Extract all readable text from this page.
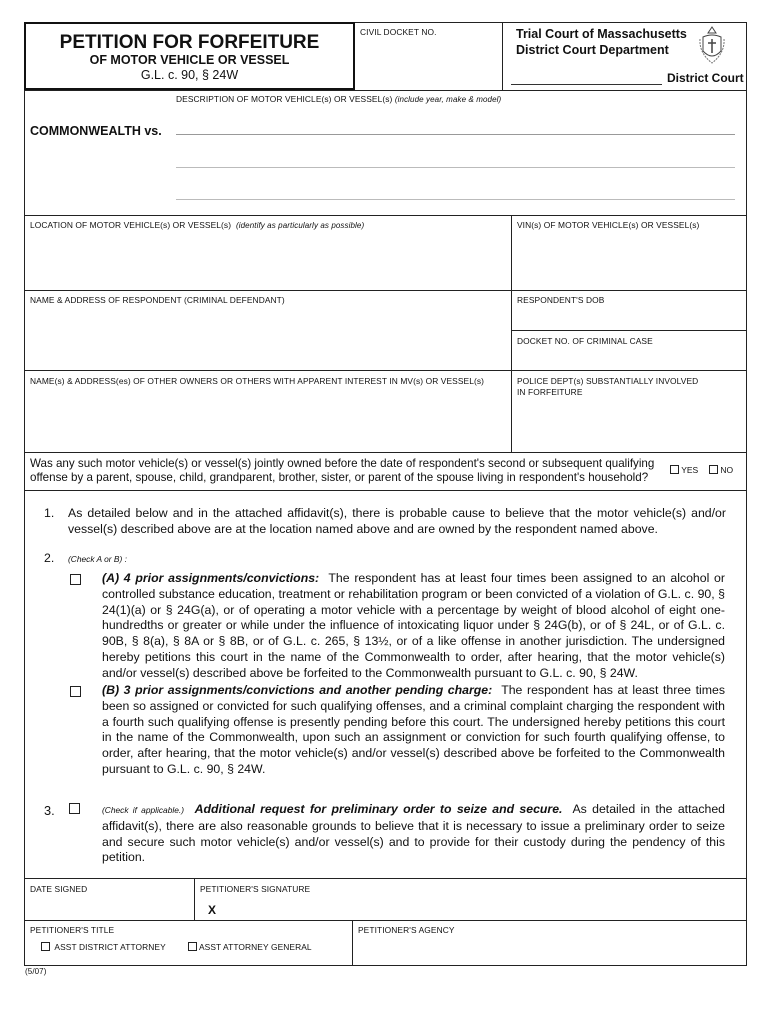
PETITION FOR FORFEITURE
OF MOTOR VEHICLE OR VESSEL
G.L. c. 90, § 24W
CIVIL DOCKET NO.	Trial Court of Massachusetts
District Court Department
District Court
DESCRIPTION OF MOTOR VEHICLE(s) OR VESSEL(s) (include year, make & model)
COMMONWEALTH vs.
LOCATION OF MOTOR VEHICLE(s) OR VESSEL(s) (identify as particularly as possible)	VIN(s) OF MOTOR VEHICLE(s) OR VESSEL(s)
NAME & ADDRESS OF RESPONDENT (CRIMINAL DEFENDANT)	RESPONDENT'S DOB
DOCKET NO. OF CRIMINAL CASE
NAME(s) & ADDRESS(es) OF OTHER OWNERS OR OTHERS WITH APPARENT INTEREST IN MV(s) OR VESSEL(s)	POLICE DEPT(s) SUBSTANTIALLY INVOLVED
IN FORFEITURE
Was any such motor vehicle(s) or vessel(s) jointly owned before the date of respondent's second or subsequent qualifying
offense by a parent, spouse, child, grandparent, brother, sister, or parent of the spouse living in respondent's household?
YES	NO
1. As detailed below and in the attached affidavit(s), there is probable cause to believe that the motor vehicle(s) and/or vessel(s) described above are at the location named above and are owned by the respondent named above.
2. (Check A or B) :
(A) 4 prior assignments/convictions: The respondent has at least four times been assigned to an alcohol or controlled substance education, treatment or rehabilitation program or been convicted of a violation of G.L. c. 90, § 24(1)(a) or § 24G(a), or of operating a motor vehicle with a percentage by weight of blood alcohol of eight one-hundredths or greater or while under the influence of intoxicating liquor under § 24G(b), or of § 24L, or of G.L. c. 90B, § 8(a), § 8A or § 8B, or of G.L. c. 265, § 13½, or of a like offense in another jurisdiction. The undersigned hereby petitions this court in the name of the Commonwealth to order, after hearing, that the motor vehicle(s) and/or vessel(s) described above be forfeited to the Commonwealth pursuant to G.L. c. 90, § 24W.
(B) 3 prior assignments/convictions and another pending charge: The respondent has at least three times been so assigned or convicted for such qualifying offenses, and a criminal complaint charging the respondent with a fourth such qualifying offense is presently pending before this court. The undersigned hereby petitions this court in the name of the Commonwealth, upon such an assignment or conviction for such fourth qualifying offense, to order, after hearing, that the motor vehicle(s) and/or vessel(s) described above be forfeited to the Commonwealth pursuant to G.L. c. 90, § 24W.
3.	(Check if applicable.) Additional request for preliminary order to seize and secure. As detailed in the attached affidavit(s), there are also reasonable grounds to believe that it is necessary to issue a preliminary order to seize and secure such motor vehicle(s) and/or vessel(s) and to provide for their custody during the pendency of this petition.
DATE SIGNED	PETITIONER'S SIGNATURE
X
PETITIONER'S TITLE
ASST DISTRICT ATTORNEY	ASST ATTORNEY GENERAL
PETITIONER'S AGENCY
(5/07)
